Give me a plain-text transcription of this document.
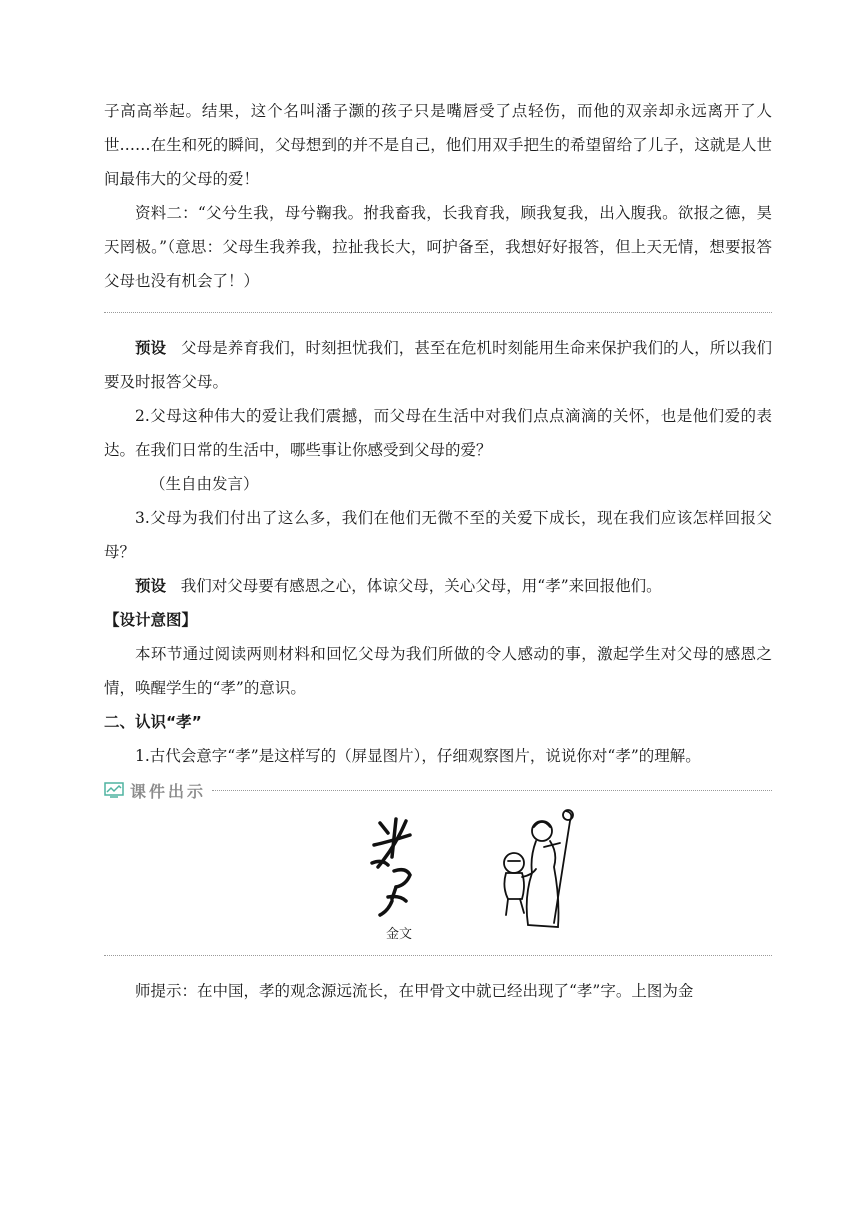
子高高举起。结果，这个名叫潘子灏的孩子只是嘴唇受了点轻伤，而他的双亲却永远离开了人世……在生和死的瞬间，父母想到的并不是自己，他们用双手把生的希望留给了儿子，这就是人世间最伟大的父母的爱！

资料二：“父兮生我，母兮鞠我。拊我畜我，长我育我，顾我复我，出入腹我。欲报之德，昊天罔极。”（意思：父母生我养我，拉扯我长大，呵护备至，我想好好报答，但上天无情，想要报答父母也没有机会了！）

预设 父母是养育我们，时刻担忧我们，甚至在危机时刻能用生命来保护我们的人，所以我们要及时报答父母。

2.父母这种伟大的爱让我们震撼，而父母在生活中对我们点点滴滴的关怀，也是他们爱的表达。在我们日常的生活中，哪些事让你感受到父母的爱？

（生自由发言）

3.父母为我们付出了这么多，我们在他们无微不至的关爱下成长，现在我们应该怎样回报父母？

预设 我们对父母要有感恩之心，体谅父母，关心父母，用“孝”来回报他们。

【设计意图】

本环节通过阅读两则材料和回忆父母为我们所做的令人感动的事，激起学生对父母的感恩之情，唤醒学生的“孝”的意识。

二、认识“孝”

1.古代会意字“孝”是这样写的（屏显图片），仔细观察图片，说说你对“孝”的理解。

课件出示
金文

师提示：在中国，孝的观念源远流长，在甲骨文中就已经出现了“孝”字。上图为金
